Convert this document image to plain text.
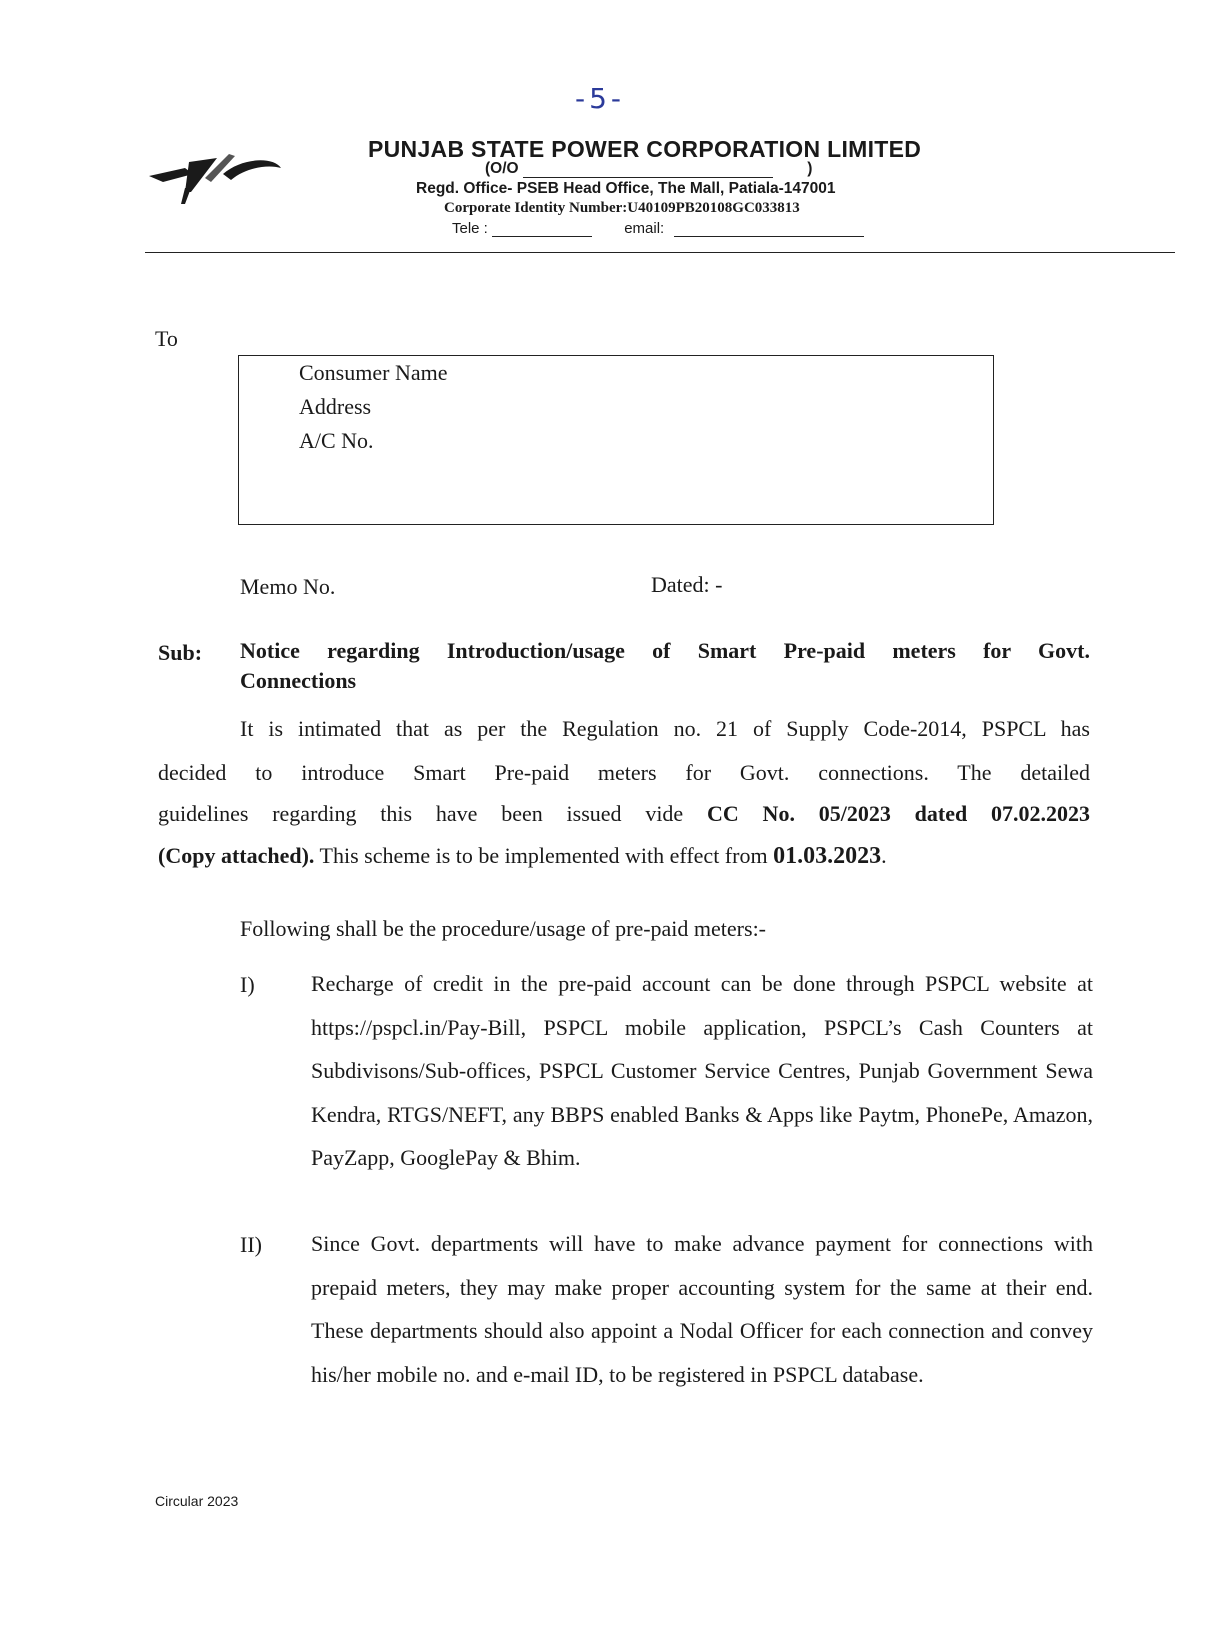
-5-
PUNJAB STATE POWER CORPORATION LIMITED
(O/O	)
Regd. Office- PSEB Head Office, The Mall, Patiala-147001
Corporate Identity Number:U40109PB20108GC033813
Tele :	email:
To
Consumer Name
Address
A/C No.
Memo No.	Dated: -
Sub: Notice regarding Introduction/usage of Smart Pre-paid meters for Govt.
Connections
It is intimated that as per the Regulation no. 21 of Supply Code-2014, PSPCL has
decided to introduce Smart Pre-paid meters for Govt. connections. The detailed
guidelines regarding this have been issued vide CC No. 05/2023 dated 07.02.2023
(Copy attached). This scheme is to be implemented with effect from 01.03.2023.
Following shall be the procedure/usage of pre-paid meters:-
I)	Recharge of credit in the pre-paid account can be done through PSPCL website at https://pspcl.in/Pay-Bill, PSPCL mobile application, PSPCL’s Cash Counters at Subdivisons/Sub-offices, PSPCL Customer Service Centres, Punjab Government Sewa Kendra, RTGS/NEFT, any BBPS enabled Banks & Apps like Paytm, PhonePe, Amazon, PayZapp, GooglePay & Bhim.
II) Since Govt. departments will have to make advance payment for connections with prepaid meters, they may make proper accounting system for the same at their end. These departments should also appoint a Nodal Officer for each connection and convey his/her mobile no. and e-mail ID, to be registered in PSPCL database.
Circular 2023
